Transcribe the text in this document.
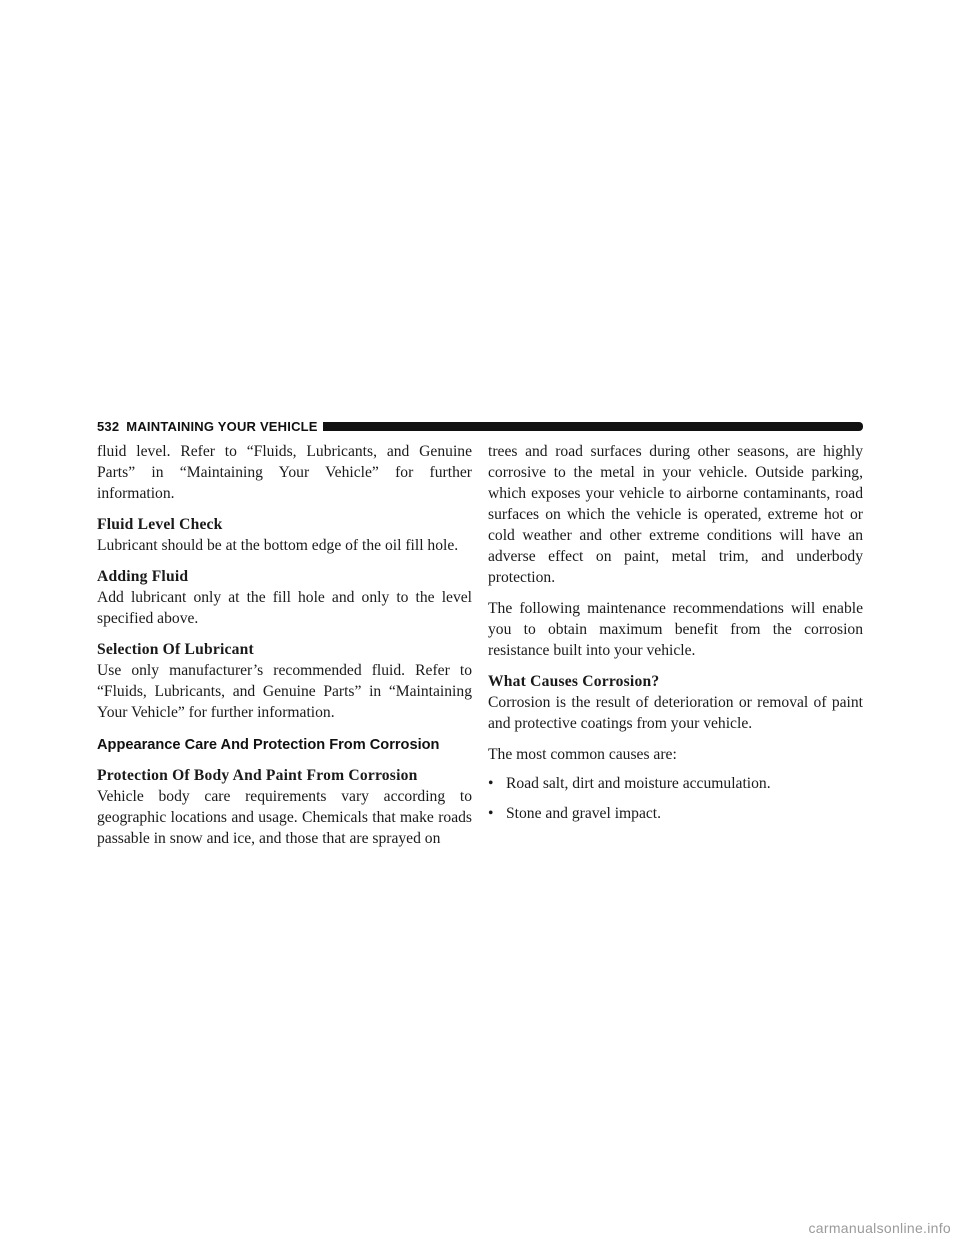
532 MAINTAINING YOUR VEHICLE

fluid level. Refer to “Fluids, Lubricants, and Genuine Parts” in “Maintaining Your Vehicle” for further information.

Fluid Level Check

Lubricant should be at the bottom edge of the oil fill hole.

Adding Fluid

Add lubricant only at the fill hole and only to the level specified above.

Selection Of Lubricant

Use only manufacturer’s recommended fluid. Refer to “Fluids, Lubricants, and Genuine Parts” in “Maintaining Your Vehicle” for further information.

Appearance Care And Protection From Corrosion
Protection Of Body And Paint From Corrosion

Vehicle body care requirements vary according to geographic locations and usage. Chemicals that make roads passable in snow and ice, and those that are sprayed on

trees and road surfaces during other seasons, are highly corrosive to the metal in your vehicle. Outside parking, which exposes your vehicle to airborne contaminants, road surfaces on which the vehicle is operated, extreme hot or cold weather and other extreme conditions will have an adverse effect on paint, metal trim, and underbody protection.

The following maintenance recommendations will enable you to obtain maximum benefit from the corrosion resistance built into your vehicle.

What Causes Corrosion?

Corrosion is the result of deterioration or removal of paint and protective coatings from your vehicle.

The most common causes are:

• Road salt, dirt and moisture accumulation.
• Stone and gravel impact.
carmanualsonline.info
